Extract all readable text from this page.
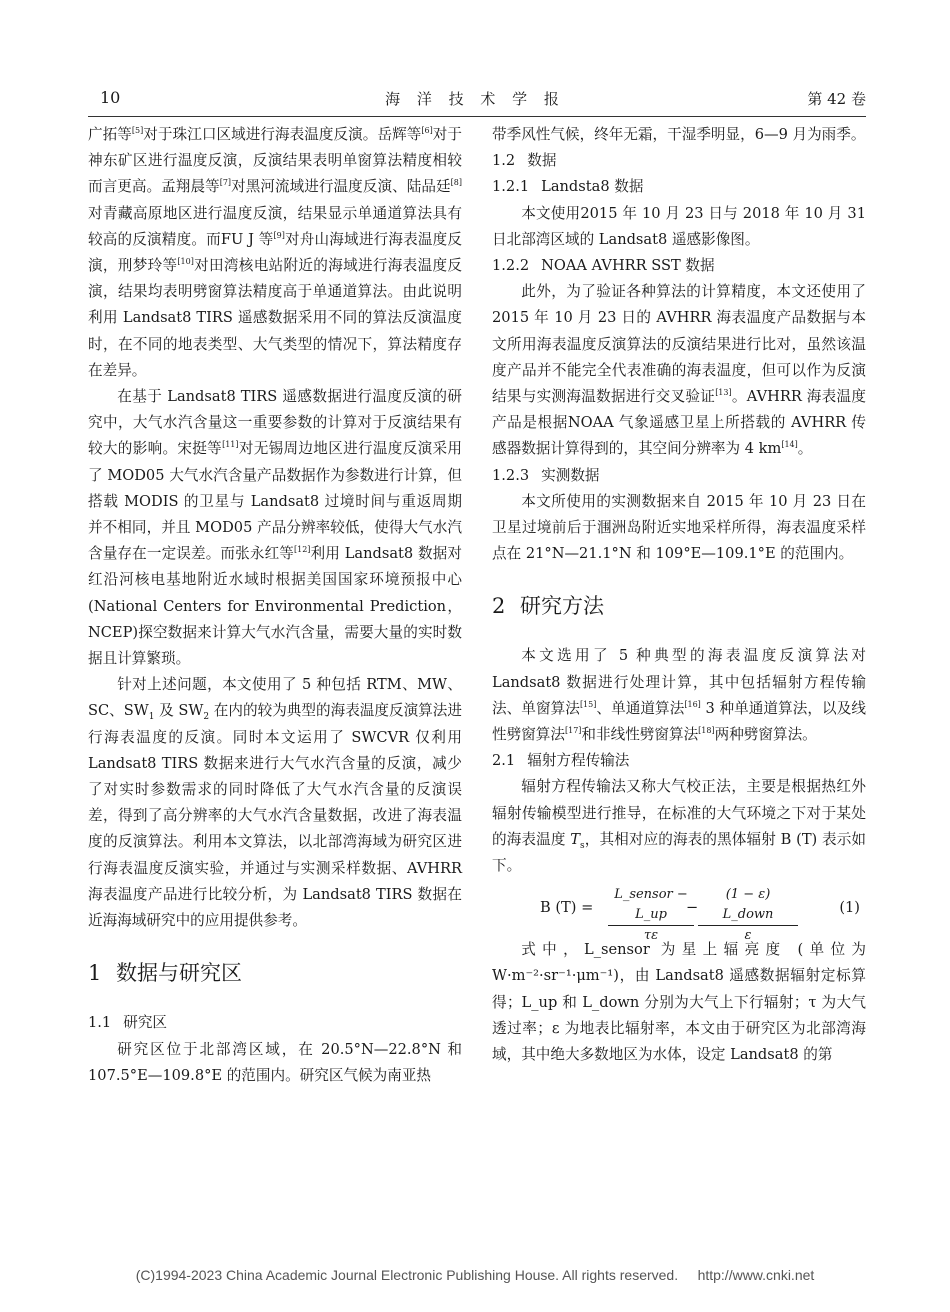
10	海 洋 技 术 学 报	第 42 卷

广拓等[5]对于珠江口区域进行海表温度反演。岳辉等[6]对于神东矿区进行温度反演，反演结果表明单窗算法精度相较而言更高。孟翔晨等[7]对黑河流域进行温度反演、陆品廷[8]对青藏高原地区进行温度反演，结果显示单通道算法具有较高的反演精度。而FU J 等[9]对舟山海域进行海表温度反演，刑梦玲等[10]对田湾核电站附近的海域进行海表温度反演，结果均表明劈窗算法精度高于单通道算法。由此说明利用 Landsat8 TIRS 遥感数据采用不同的算法反演温度时，在不同的地表类型、大气类型的情况下，算法精度存在差异。

在基于 Landsat8 TIRS 遥感数据进行温度反演的研究中，大气水汽含量这一重要参数的计算对于反演结果有较大的影响。宋挺等[11]对无锡周边地区进行温度反演采用了 MOD05 大气水汽含量产品数据作为参数进行计算，但搭载 MODIS 的卫星与 Landsat8 过境时间与重返周期并不相同，并且 MOD05 产品分辨率较低，使得大气水汽含量存在一定误差。而张永红等[12]利用 Landsat8 数据对红沿河核电基地附近水域时根据美国国家环境预报中心(National Centers for Environmental Prediction，NCEP)探空数据来计算大气水汽含量，需要大量的实时数据且计算繁琐。

针对上述问题，本文使用了 5 种包括 RTM、MW、SC、$SW_1$ 及 $SW_2$ 在内的较为典型的海表温度反演算法进行海表温度的反演。同时本文运用了 SWCVR 仅利用 Landsat8 TIRS 数据来进行大气水汽含量的反演，减少了对实时参数需求的同时降低了大气水汽含量的反演误差，得到了高分辨率的大气水汽含量数据，改进了海表温度的反演算法。利用本文算法，以北部湾海域为研究区进行海表温度反演实验，并通过与实测采样数据、AVHRR 海表温度产品进行比较分析，为 Landsat8 TIRS 数据在近海海域研究中的应用提供参考。

1 数据与研究区

1.1 研究区

研究区位于北部湾区域，在 20.5°N—22.8°N 和 107.5°E—109.8°E 的范围内。研究区气候为南亚热

带季风性气候，终年无霜，干湿季明显，6—9 月为雨季。

1.2 数据

1.2.1 Landsta8 数据

本文使用2015 年 10 月 23 日与 2018 年 10 月 31 日北部湾区域的 Landsat8 遥感影像图。

1.2.2 NOAA AVHRR SST 数据

此外，为了验证各种算法的计算精度，本文还使用了 2015 年 10 月 23 日的 AVHRR 海表温度产品数据与本文所用海表温度反演算法的反演结果进行比对，虽然该温度产品并不能完全代表准确的海表温度，但可以作为反演结果与实测海温数据进行交叉验证[13]。AVHRR 海表温度产品是根据NOAA 气象遥感卫星上所搭载的 AVHRR 传感器数据计算得到的，其空间分辨率为 4 km[14]。

1.2.3 实测数据

本文所使用的实测数据来自 2015 年 10 月 23 日在卫星过境前后于涠洲岛附近实地采样所得，海表温度采样点在 21°N—21.1°N 和 109°E—109.1°E 的范围内。

2 研究方法

本文选用了 5 种典型的海表温度反演算法对 Landsat8 数据进行处理计算，其中包括辐射方程传输法、单窗算法[15]、单通道算法[16] 3 种单通道算法，以及线性劈窗算法[17]和非线性劈窗算法[18]两种劈窗算法。

2.1 辐射方程传输法

辐射方程传输法又称大气校正法，主要是根据热红外辐射传输模型进行推导，在标准的大气环境之下对于某处的海表温度 $T_s$，其相对应的海表的黑体辐射 B (T) 表示如下。

B (T) =
L_sensor − L_up
τε
−
(1 − ε) L_down
ε
(1)

式中，L_sensor 为星上辐亮度 (单位为 W·m⁻²·sr⁻¹·μm⁻¹)，由 Landsat8 遥感数据辐射定标算得；L_up 和 L_down 分别为大气上下行辐射；τ 为大气透过率；ε 为地表比辐射率，本文由于研究区为北部湾海域，其中绝大多数地区为水体，设定 Landsat8 的第

(C)1994-2023 China Academic Journal Electronic Publishing House. All rights reserved. http://www.cnki.net
